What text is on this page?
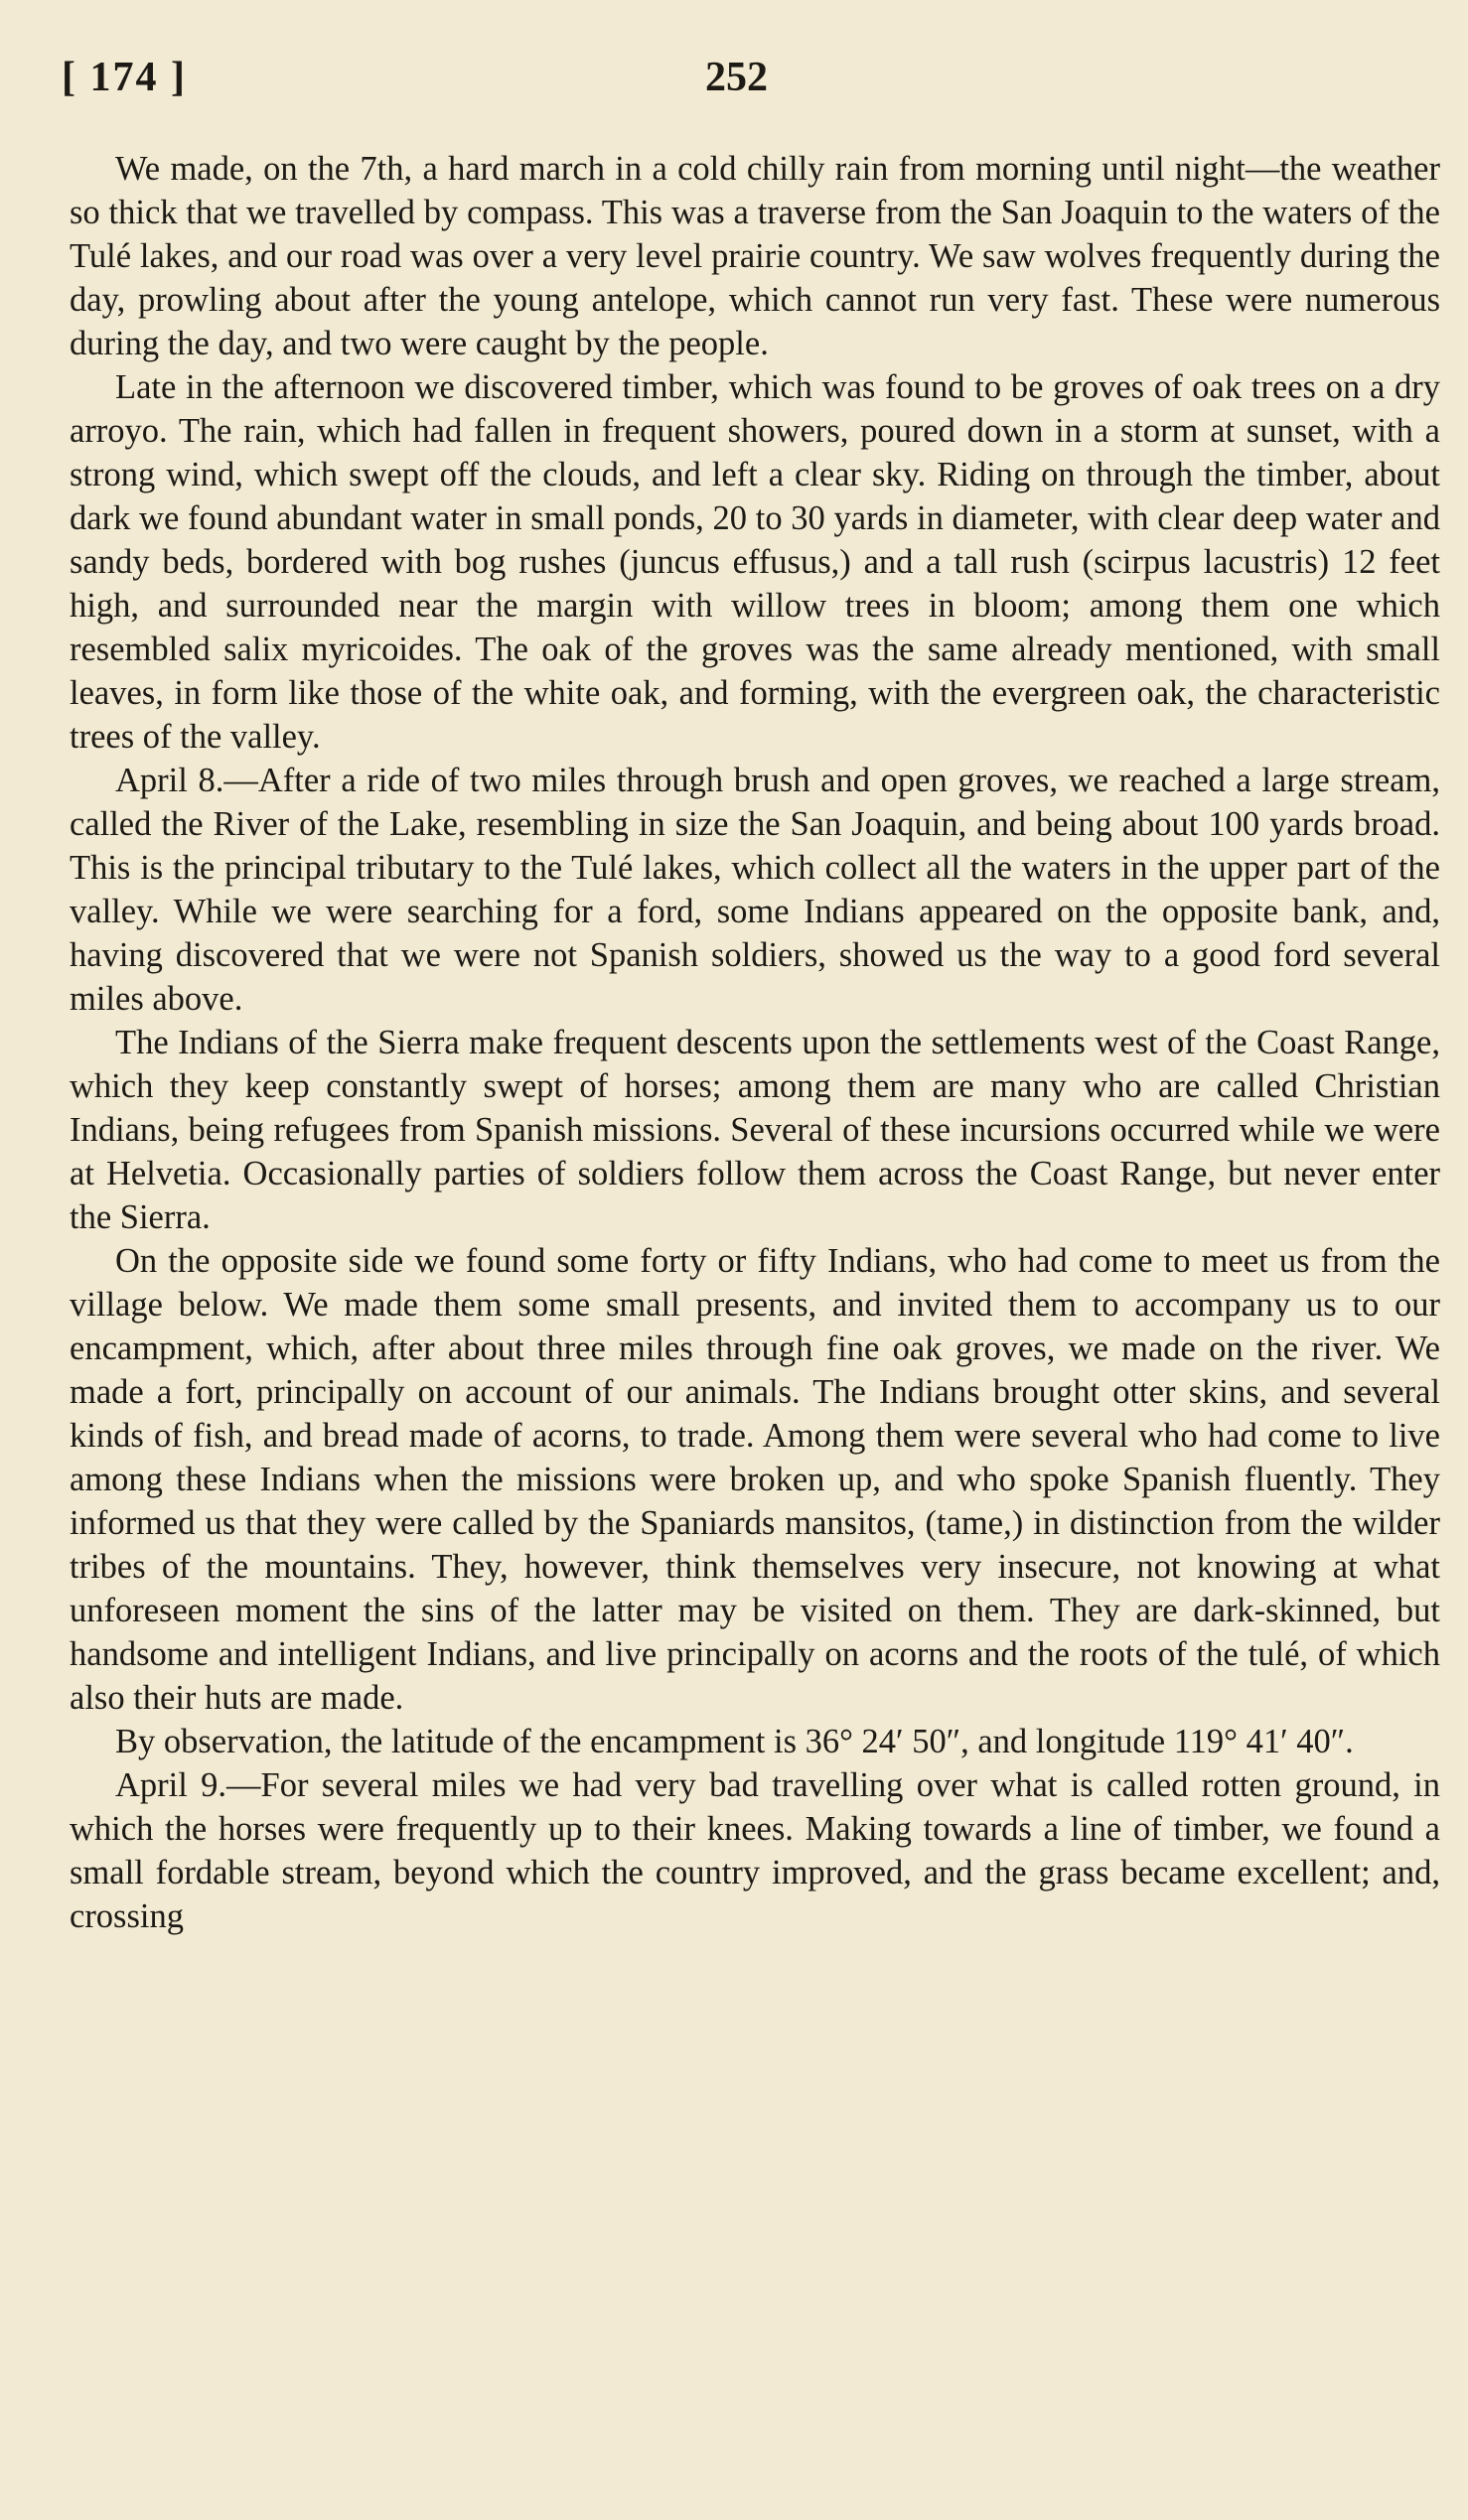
[ 174 ]	252

We made, on the 7th, a hard march in a cold chilly rain from morning until night—the weather so thick that we travelled by compass. This was a traverse from the San Joaquin to the waters of the Tulé lakes, and our road was over a very level prairie country. We saw wolves frequently during the day, prowling about after the young antelope, which cannot run very fast. These were numerous during the day, and two were caught by the people.

Late in the afternoon we discovered timber, which was found to be groves of oak trees on a dry arroyo. The rain, which had fallen in frequent showers, poured down in a storm at sunset, with a strong wind, which swept off the clouds, and left a clear sky. Riding on through the timber, about dark we found abundant water in small ponds, 20 to 30 yards in diameter, with clear deep water and sandy beds, bordered with bog rushes (juncus effusus,) and a tall rush (scirpus lacustris) 12 feet high, and surrounded near the margin with willow trees in bloom; among them one which resembled salix myricoides. The oak of the groves was the same already mentioned, with small leaves, in form like those of the white oak, and forming, with the evergreen oak, the characteristic trees of the valley.

April 8.—After a ride of two miles through brush and open groves, we reached a large stream, called the River of the Lake, resembling in size the San Joaquin, and being about 100 yards broad. This is the principal tributary to the Tulé lakes, which collect all the waters in the upper part of the valley. While we were searching for a ford, some Indians appeared on the opposite bank, and, having discovered that we were not Spanish soldiers, showed us the way to a good ford several miles above.

The Indians of the Sierra make frequent descents upon the settlements west of the Coast Range, which they keep constantly swept of horses; among them are many who are called Christian Indians, being refugees from Spanish missions. Several of these incursions occurred while we were at Helvetia. Occasionally parties of soldiers follow them across the Coast Range, but never enter the Sierra.

On the opposite side we found some forty or fifty Indians, who had come to meet us from the village below. We made them some small presents, and invited them to accompany us to our encampment, which, after about three miles through fine oak groves, we made on the river. We made a fort, principally on account of our animals. The Indians brought otter skins, and several kinds of fish, and bread made of acorns, to trade. Among them were several who had come to live among these Indians when the missions were broken up, and who spoke Spanish fluently. They informed us that they were called by the Spaniards mansitos, (tame,) in distinction from the wilder tribes of the mountains. They, however, think themselves very insecure, not knowing at what unforeseen moment the sins of the latter may be visited on them. They are dark-skinned, but handsome and intelligent Indians, and live principally on acorns and the roots of the tulé, of which also their huts are made.

By observation, the latitude of the encampment is 36° 24′ 50″, and longitude 119° 41′ 40″.

April 9.—For several miles we had very bad travelling over what is called rotten ground, in which the horses were frequently up to their knees. Making towards a line of timber, we found a small fordable stream, beyond which the country improved, and the grass became excellent; and, crossing
